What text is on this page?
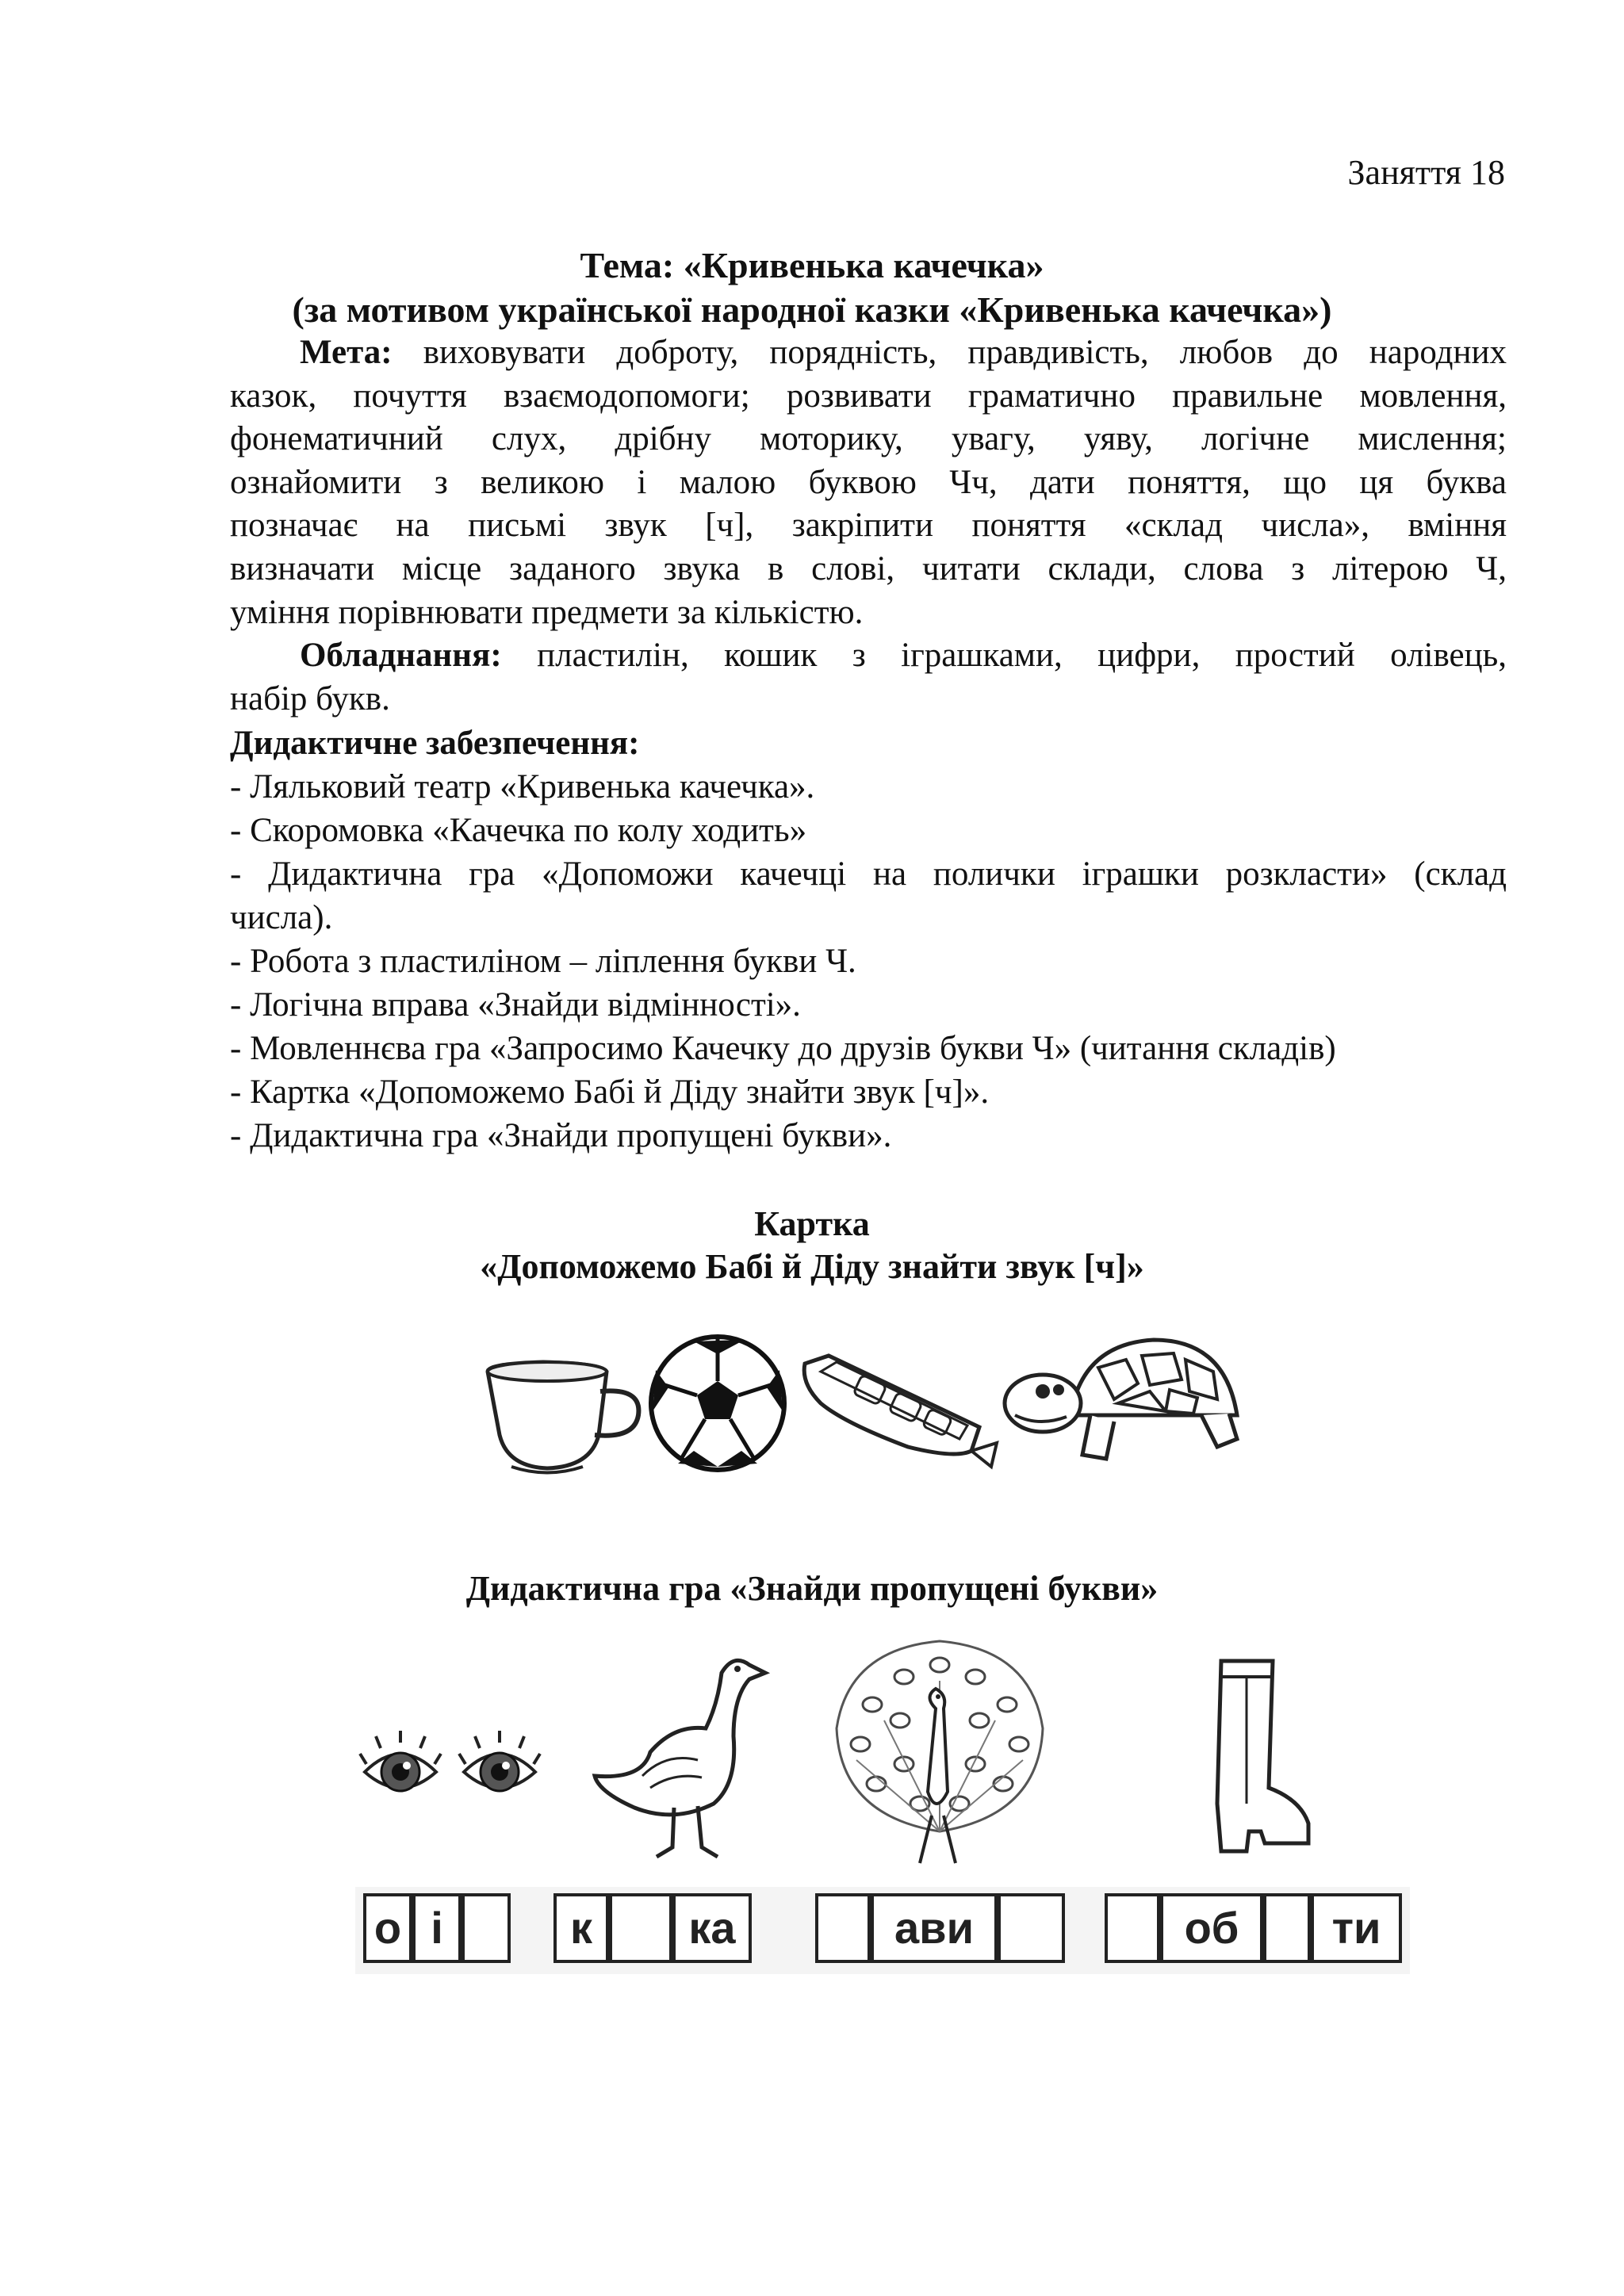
Заняття 18
Тема: «Кривенька качечка»
(за мотивом української народної казки «Кривенька качечка»)
Мета: виховувати доброту, порядність, правдивість, любов до народних
казок, почуття взаємодопомоги; розвивати граматично правильне мовлення,
фонематичний слух, дрібну моторику, увагу, уяву, логічне мислення;
ознайомити з великою і малою буквою Чч, дати поняття, що ця буква
позначає на письмі звук [ч], закріпити поняття «склад числа», вміння
визначати місце заданого звука в слові, читати склади, слова з літерою Ч,
уміння порівнювати предмети за кількістю.
Обладнання: пластилін, кошик з іграшками, цифри, простий олівець,
набір букв.
Дидактичне забезпечення:
- Ляльковий театр «Кривенька качечка».
- Скоромовка «Качечка по колу ходить»
- Дидактична гра «Допоможи качечці на полички іграшки розкласти» (склад
числа).
- Робота з пластиліном – ліплення букви Ч.
- Логічна вправа «Знайди відмінності».
- Мовленнєва гра «Запросимо Качечку до друзів букви Ч» (читання складів)
- Картка «Допоможемо Бабі й Діду знайти звук [ч]».
- Дидактична гра «Знайди пропущені букви».
Картка
«Допоможемо Бабі й Діду знайти звук [ч]»
Дидактична гра «Знайди пропущені букви»
о і	к	ка	ави	об	ти
